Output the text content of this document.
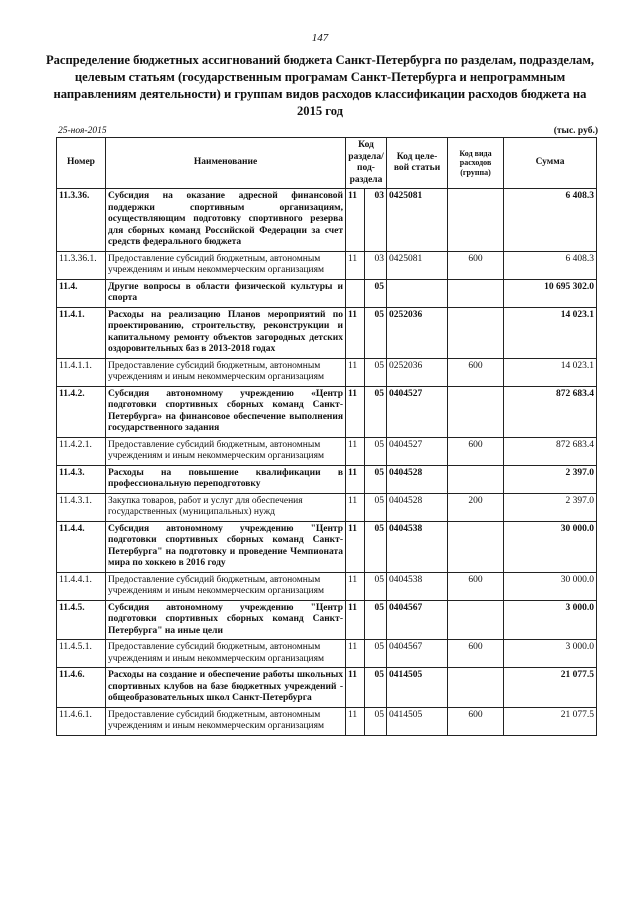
147
Распределение бюджетных ассигнований бюджета Санкт-Петербурга по разделам, подразделам, целевым статьям (государственным програмам Санкт-Петербурга и непрограммным направлениям деятельности) и группам видов расходов классификации расходов бюджета на 2015 год
25-ноя-2015	(тыс. руб.)
Номер	Наименование	Код раздела/ под- раздела		Код целе- вой статьи	Код вида расходов (группа)	Сумма
11.3.36.	Субсидия на оказание адресной финансовой поддержки спортивным организациям, осуществляющим подготовку спортивного резерва для сборных команд Российской Федерации за счет средств федерального бюджета	11	03	0425081		6 408.3
11.3.36.1.	Предоставление субсидий бюджетным, автономным учреждениям и иным некоммерческим организациям	11	03	0425081	600	6 408.3
11.4.	Другие вопросы в области физической культуры и спорта		05			10 695 302.0
11.4.1.	Расходы на реализацию Планов мероприятий по проектированию, строительству, реконструкции и капитальному ремонту объектов загородных детских оздоровительных баз в 2013-2018 годах	11	05	0252036		14 023.1
11.4.1.1.	Предоставление субсидий бюджетным, автономным учреждениям и иным некоммерческим организациям	11	05	0252036	600	14 023.1
11.4.2.	Субсидия автономному учреждению «Центр подготовки спортивных сборных команд Санкт-Петербурга» на финансовое обеспечение выполнения государственного задания	11	05	0404527		872 683.4
11.4.2.1.	Предоставление субсидий бюджетным, автономным учреждениям и иным некоммерческим организациям	11	05	0404527	600	872 683.4
11.4.3.	Расходы на повышение квалификации в профессиональную переподготовку	11	05	0404528		2 397.0
11.4.3.1.	Закупка товаров, работ и услуг для обеспечения государственных (муниципальных) нужд	11	05	0404528	200	2 397.0
11.4.4.	Субсидия автономному учреждению "Центр подготовки спортивных сборных команд Санкт-Петербурга" на подготовку и проведение Чемпионата мира по хоккею в 2016 году	11	05	0404538		30 000.0
11.4.4.1.	Предоставление субсидий бюджетным, автономным учреждениям и иным некоммерческим организациям	11	05	0404538	600	30 000.0
11.4.5.	Субсидия автономному учреждению "Центр подготовки спортивных сборных команд Санкт-Петербурга" на иные цели	11	05	0404567		3 000.0
11.4.5.1.	Предоставление субсидий бюджетным, автономным учреждениям и иным некоммерческим организациям	11	05	0404567	600	3 000.0
11.4.6.	Расходы на создание и обеспечение работы школьных спортивных клубов на базе бюджетных учреждений - общеобразовательных школ Санкт-Петербурга	11	05	0414505		21 077.5
11.4.6.1.	Предоставление субсидий бюджетным, автономным учреждениям и иным некоммерческим организациям	11	05	0414505	600	21 077.5
